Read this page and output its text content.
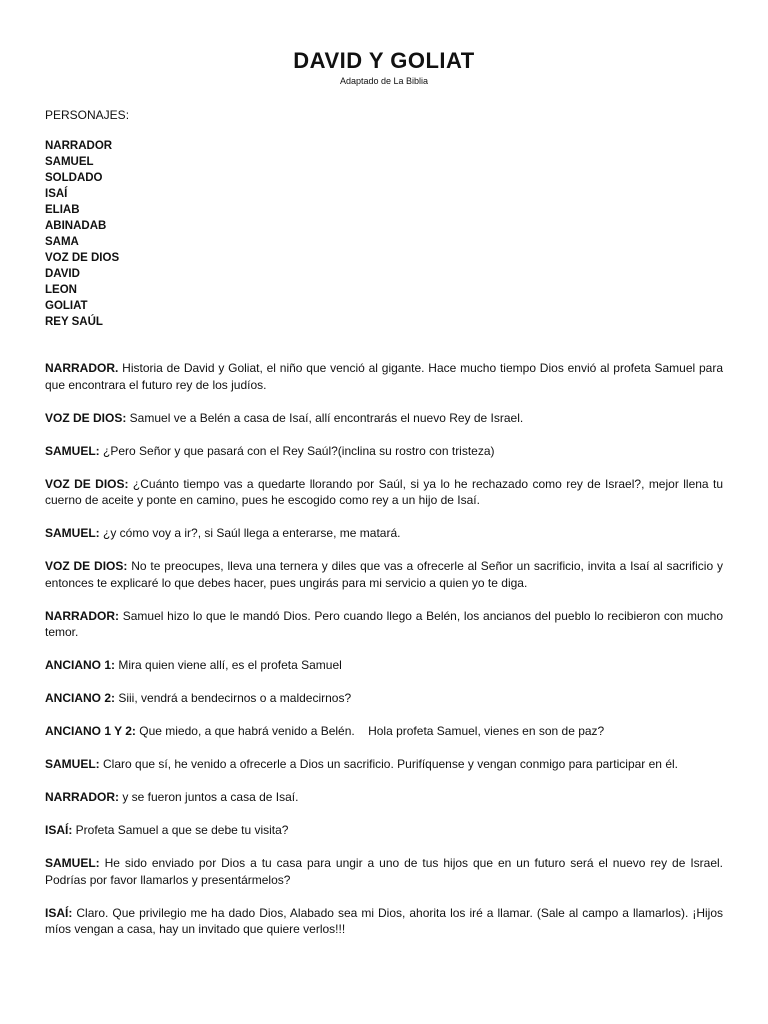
DAVID Y GOLIAT

Adaptado de La Biblia

PERSONAJES:

NARRADOR
SAMUEL
SOLDADO
ISAÍ
ELIAB
ABINADAB
SAMA
VOZ DE DIOS
DAVID
LEON
GOLIAT
REY SAÚL

NARRADOR. Historia de David y Goliat, el niño que venció al gigante. Hace mucho tiempo Dios envió al profeta Samuel para que encontrara el futuro rey de los judíos.

VOZ DE DIOS: Samuel ve a Belén a casa de Isaí, allí encontrarás el nuevo Rey de Israel.

SAMUEL: ¿Pero Señor y que pasará con el Rey Saúl?(inclina su rostro con tristeza)

VOZ DE DIOS: ¿Cuánto tiempo vas a quedarte llorando por Saúl, si ya lo he rechazado como rey de Israel?, mejor llena tu cuerno de aceite y ponte en camino, pues he escogido como rey a un hijo de Isaí.

SAMUEL: ¿y cómo voy a ir?, si Saúl llega a enterarse, me matará.

VOZ DE DIOS: No te preocupes, lleva una ternera y diles que vas a ofrecerle al Señor un sacrificio, invita a Isaí al sacrificio y entonces te explicaré lo que debes hacer, pues ungirás para mi servicio a quien yo te diga.

NARRADOR: Samuel hizo lo que le mandó Dios. Pero cuando llego a Belén, los ancianos del pueblo lo recibieron con mucho temor.

ANCIANO 1: Mira quien viene allí, es el profeta Samuel

ANCIANO 2: Siii, vendrá a bendecirnos o a maldecirnos?

ANCIANO 1 Y 2: Que miedo, a que habrá venido a Belén.    Hola profeta Samuel, vienes en son de paz?

SAMUEL: Claro que sí, he venido a ofrecerle a Dios un sacrificio. Purifíquense y vengan conmigo para participar en él.

NARRADOR: y se fueron juntos a casa de Isaí.

ISAÍ: Profeta Samuel a que se debe tu visita?

SAMUEL: He sido enviado por Dios a tu casa para ungir a uno de tus hijos que en un futuro será el nuevo rey de Israel. Podrías por favor llamarlos y presentármelos?

ISAÍ: Claro. Que privilegio me ha dado Dios, Alabado sea mi Dios, ahorita los iré a llamar. (Sale al campo a llamarlos). ¡Hijos míos vengan a casa, hay un invitado que quiere verlos!!!
